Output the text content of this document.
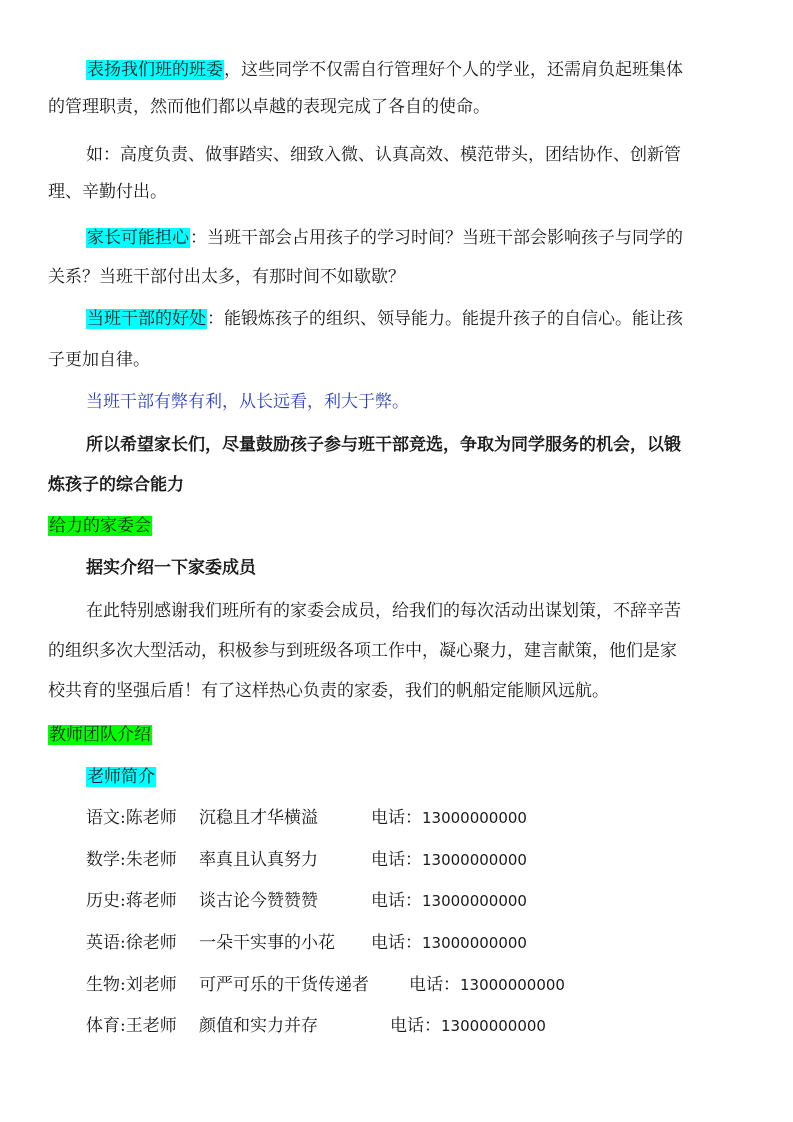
表扬我们班的班委，这些同学不仅需自行管理好个人的学业，还需肩负起班集体
的管理职责，然而他们都以卓越的表现完成了各自的使命。
如：高度负责、做事踏实、细致入微、认真高效、模范带头，团结协作、创新管
理、辛勤付出。
家长可能担心：当班干部会占用孩子的学习时间？当班干部会影响孩子与同学的
关系？当班干部付出太多，有那时间不如歇歇？
当班干部的好处：能锻炼孩子的组织、领导能力。能提升孩子的自信心。能让孩
子更加自律。
当班干部有弊有利，从长远看，利大于弊。
所以希望家长们，尽量鼓励孩子参与班干部竞选，争取为同学服务的机会，以锻
炼孩子的综合能力
给力的家委会
据实介绍一下家委成员
在此特别感谢我们班所有的家委会成员，给我们的每次活动出谋划策，不辞辛苦
的组织多次大型活动，积极参与到班级各项工作中，凝心聚力，建言献策，他们是家
校共育的坚强后盾！有了这样热心负责的家委，我们的帆船定能顺风远航。
教师团队介绍
老师简介
语文:陈老师 沉稳且才华横溢	电话：13000000000
数学:朱老师 率真且认真努力	电话：13000000000
历史:蒋老师 谈古论今赞赞赞	电话：13000000000
英语:徐老师 一朵干实事的小花 电话：13000000000
生物:刘老师 可严可乐的干货传递者 电话：13000000000
体育:王老师 颜值和实力并存	电话：13000000000
